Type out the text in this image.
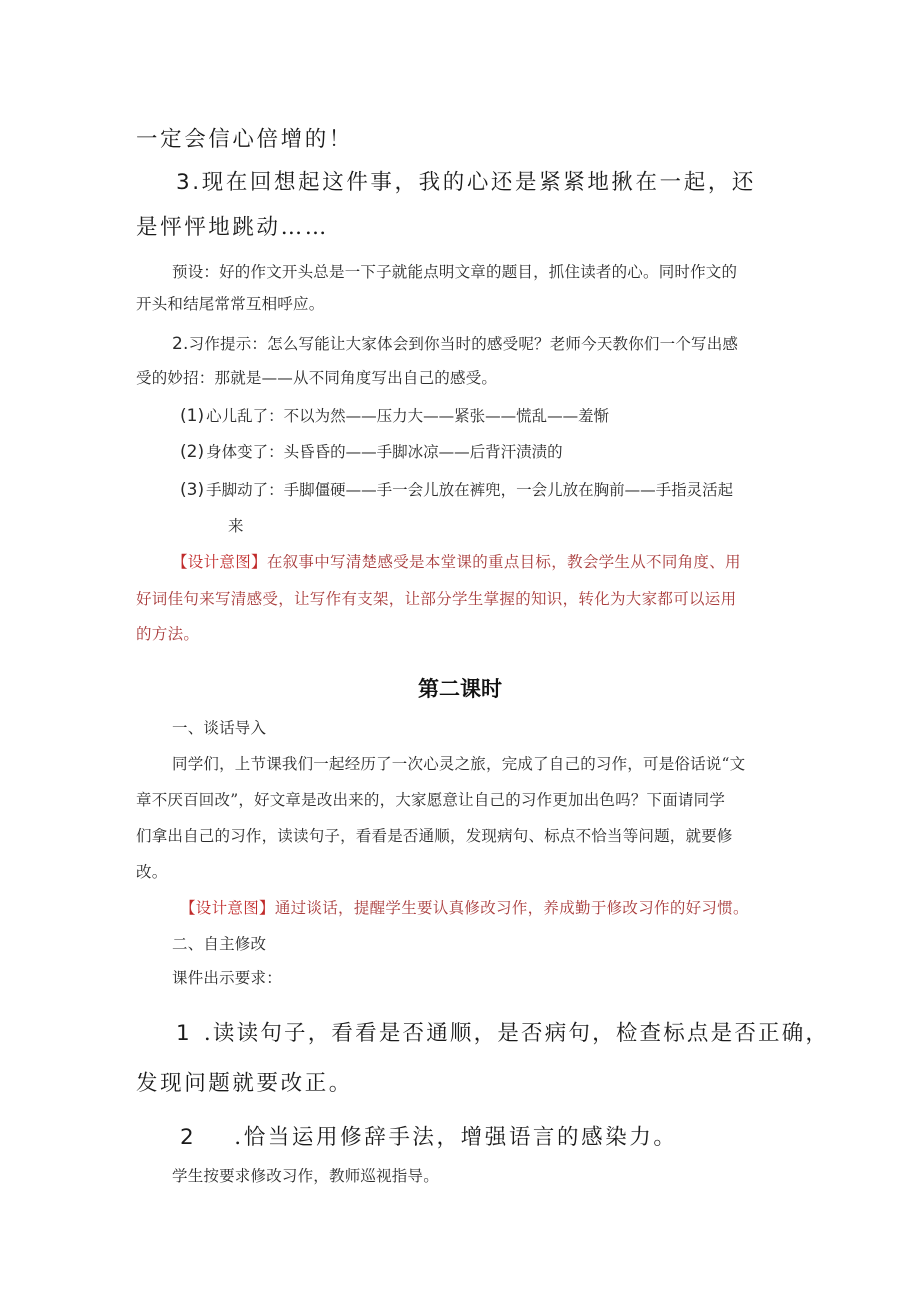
一定会信心倍增的！

3.现在回想起这件事，我的心还是紧紧地揪在一起，还

是怦怦地跳动……

预设：好的作文开头总是一下子就能点明文章的题目，抓住读者的心。同时作文的

开头和结尾常常互相呼应。

2.习作提示：怎么写能让大家体会到你当时的感受呢？老师今天教你们一个写出感

受的妙招：那就是——从不同角度写出自己的感受。

(1) 心儿乱了：不以为然——压力大——紧张——慌乱——羞惭

(2) 身体变了：头昏昏的——手脚冰凉——后背汗渍渍的

(3) 手脚动了：手脚僵硬——手一会儿放在裤兜，一会儿放在胸前——手指灵活起

来

【设计意图】在叙事中写清楚感受是本堂课的重点目标，教会学生从不同角度、用

好词佳句来写清感受，让写作有支架，让部分学生掌握的知识，转化为大家都可以运用

的方法。

第二课时

一、谈话导入

同学们，上节课我们一起经历了一次心灵之旅，完成了自己的习作，可是俗话说“文

章不厌百回改”，好文章是改出来的，大家愿意让自己的习作更加出色吗？下面请同学

们拿出自己的习作，读读句子，看看是否通顺，发现病句、标点不恰当等问题，就要修

改。

【设计意图】通过谈话，提醒学生要认真修改习作，养成勤于修改习作的好习惯。

二、自主修改

课件出示要求：

1 .读读句子，看看是否通顺，是否病句，检查标点是否正确，

发现问题就要改正。

2 .恰当运用修辞手法，增强语言的感染力。

学生按要求修改习作，教师巡视指导。
